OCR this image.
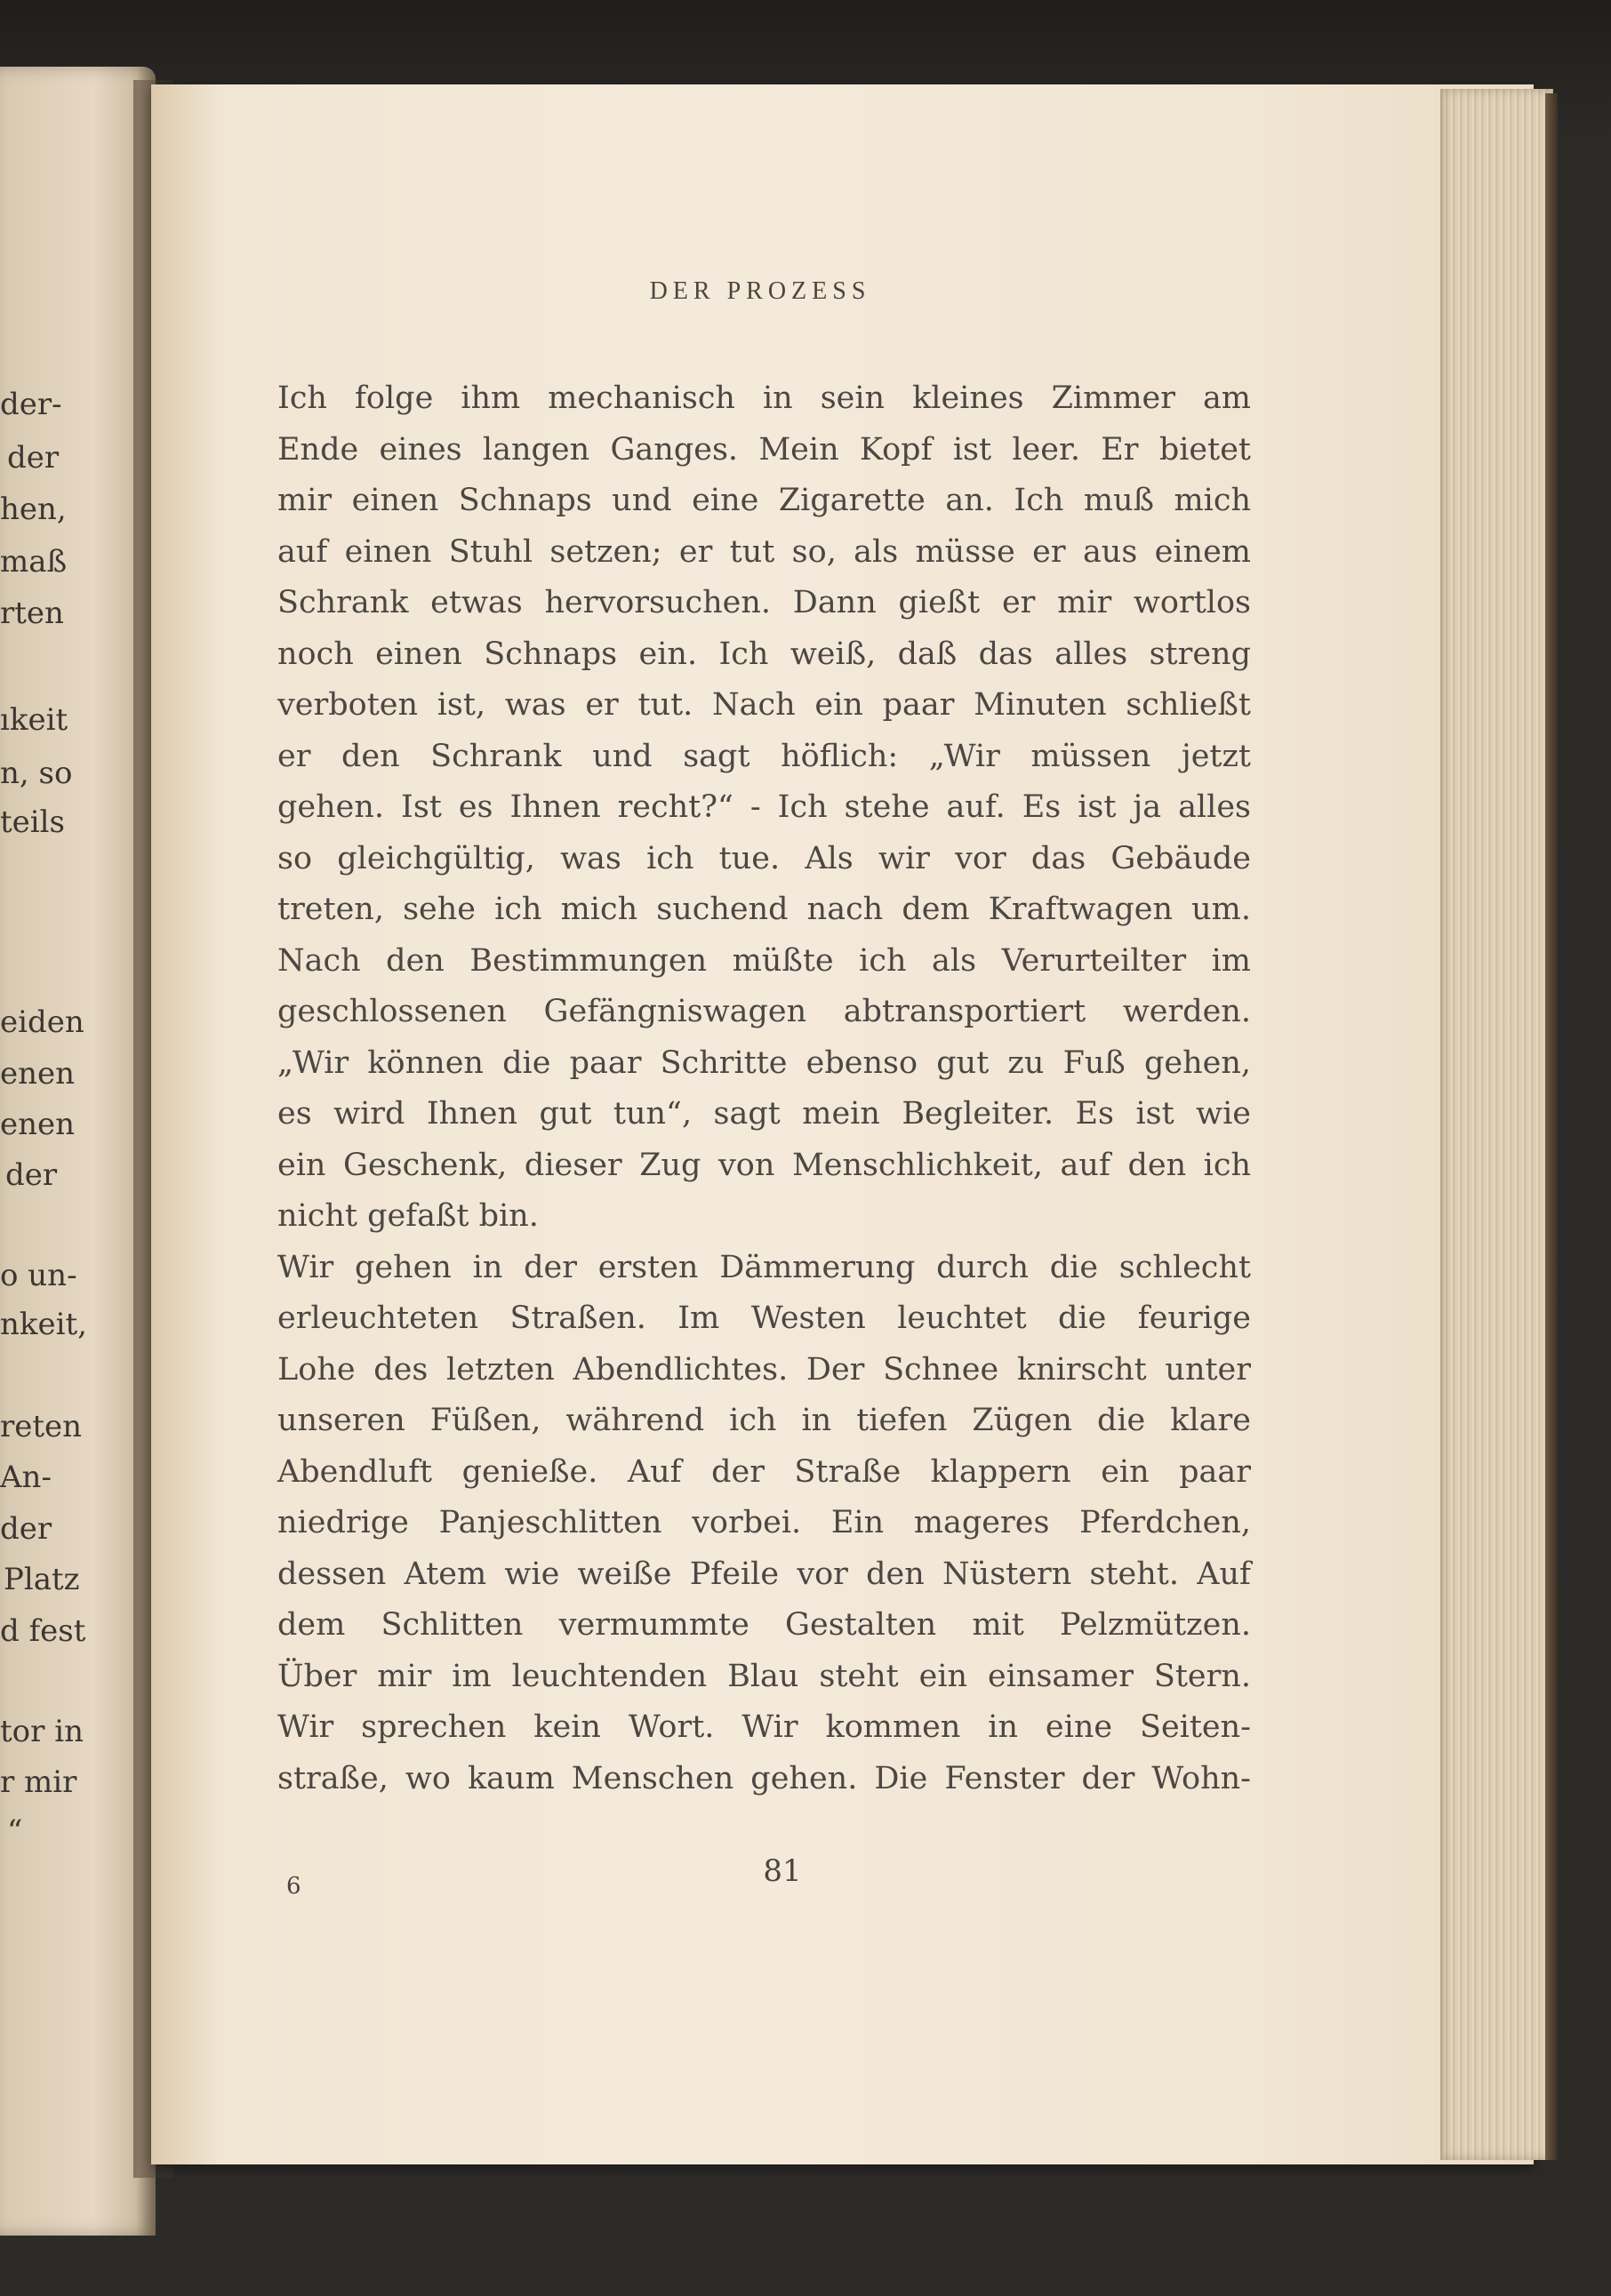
der-
der
hen,
maß
rten
ıkeit
n, so
teils
eiden
enen
enen
der
o un-
nkeit,
reten
An-
der
Platz
d fest
tor in
r mir
“
DER PROZESS
Ich folge ihm mechanisch in sein kleines Zimmer am
Ende eines langen Ganges. Mein Kopf ist leer. Er bietet
mir einen Schnaps und eine Zigarette an. Ich muß mich
auf einen Stuhl setzen; er tut so, als müsse er aus einem
Schrank etwas hervorsuchen. Dann gießt er mir wortlos
noch einen Schnaps ein. Ich weiß, daß das alles streng
verboten ist, was er tut. Nach ein paar Minuten schließt
er den Schrank und sagt höflich: „Wir müssen jetzt
gehen. Ist es Ihnen recht?“ - Ich stehe auf. Es ist ja alles
so gleichgültig, was ich tue. Als wir vor das Gebäude
treten, sehe ich mich suchend nach dem Kraftwagen um.
Nach den Bestimmungen müßte ich als Verurteilter im
geschlossenen Gefängniswagen abtransportiert werden.
„Wir können die paar Schritte ebenso gut zu Fuß gehen,
es wird Ihnen gut tun“, sagt mein Begleiter. Es ist wie
ein Geschenk, dieser Zug von Menschlichkeit, auf den ich
nicht gefaßt bin.
Wir gehen in der ersten Dämmerung durch die schlecht
erleuchteten Straßen. Im Westen leuchtet die feurige
Lohe des letzten Abendlichtes. Der Schnee knirscht unter
unseren Füßen, während ich in tiefen Zügen die klare
Abendluft genieße. Auf der Straße klappern ein paar
niedrige Panjeschlitten vorbei. Ein mageres Pferdchen,
dessen Atem wie weiße Pfeile vor den Nüstern steht. Auf
dem Schlitten vermummte Gestalten mit Pelzmützen.
Über mir im leuchtenden Blau steht ein einsamer Stern.
Wir sprechen kein Wort. Wir kommen in eine Seiten-
straße, wo kaum Menschen gehen. Die Fenster der Wohn-
6	81
